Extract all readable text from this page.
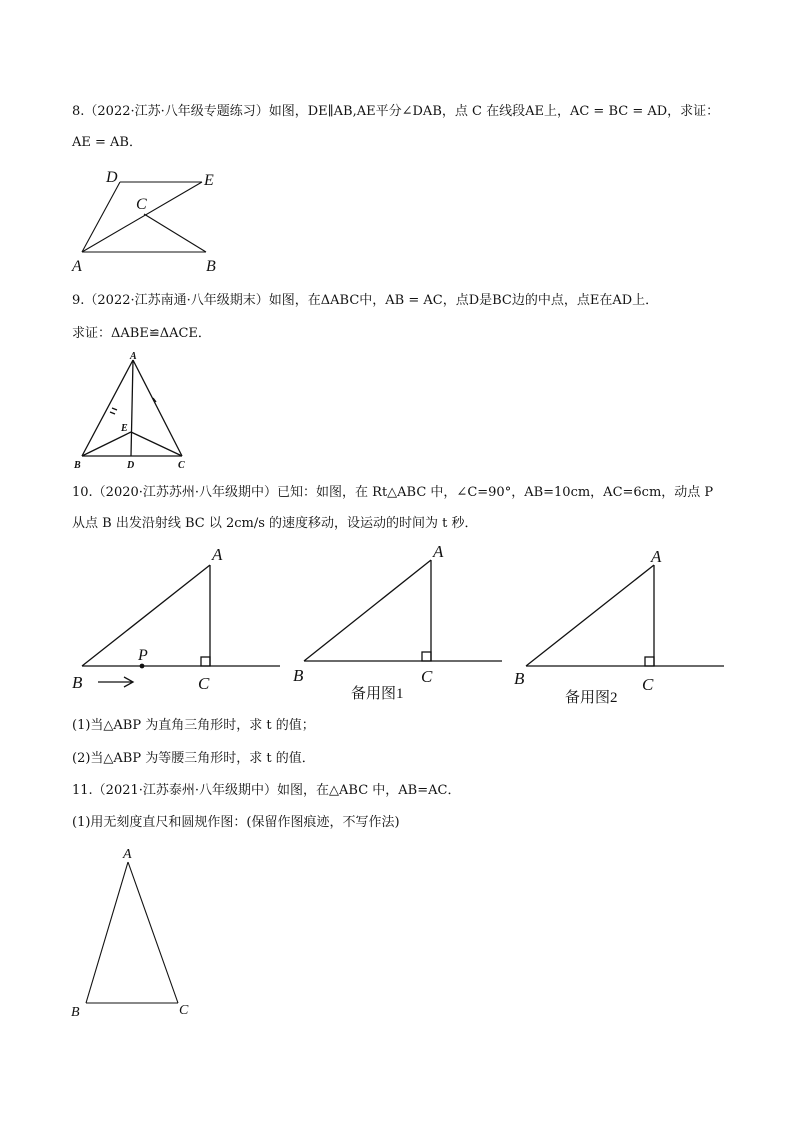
8.（2022·江苏·八年级专题练习）如图，DE∥AB,AE平分∠DAB，点 C 在线段AE上，AC = BC = AD，求证：
AE = AB．
D	E
C
A	B
9.（2022·江苏南通·八年级期末）如图，在ΔABC中，AB = AC，点D是BC边的中点，点E在AD上．
求证：ΔABE≌ΔACE．
A
E
B	D	C
10.（2020·江苏苏州·八年级期中）已知：如图，在 Rt△ABC 中，∠C=90°，AB=10cm，AC=6cm，动点 P
从点 B 出发沿射线 BC 以 2cm/s 的速度移动，设运动的时间为 t 秒．
A
B	C
P
A
B	C
备用图1
A
B	C
备用图2
(1)当△ABP 为直角三角形时，求 t 的值；
(2)当△ABP 为等腰三角形时，求 t 的值．
11.（2021·江苏泰州·八年级期中）如图，在△ABC 中，AB=AC．
(1)用无刻度直尺和圆规作图：(保留作图痕迹，不写作法)
A
B	C
